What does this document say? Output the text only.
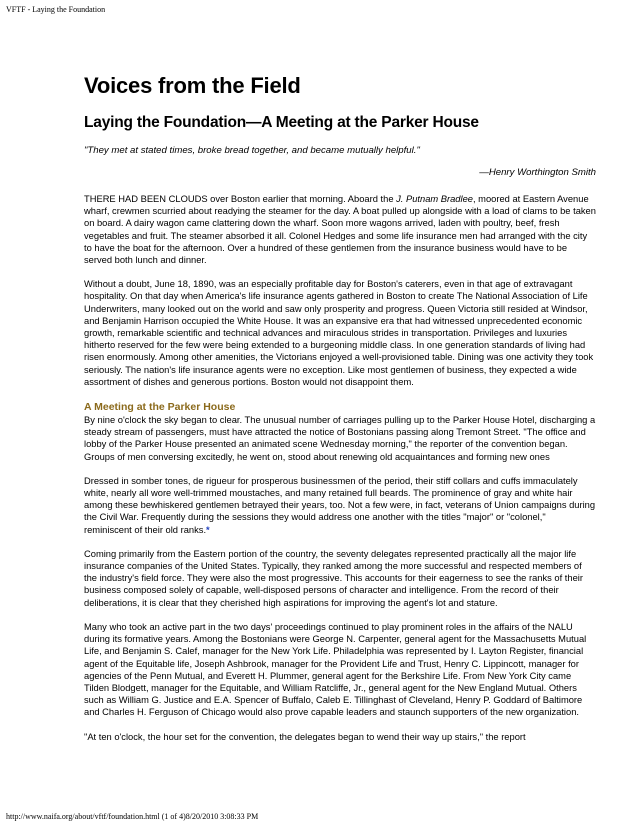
VFTF - Laying the Foundation
Voices from the Field
Laying the Foundation—A Meeting at the Parker House
"They met at stated times, broke bread together, and became mutually helpful."
—Henry Worthington Smith

THERE HAD BEEN CLOUDS over Boston earlier that morning. Aboard the J. Putnam Bradlee, moored at Eastern Avenue wharf, crewmen scurried about readying the steamer for the day. A boat pulled up alongside with a load of clams to be taken on board. A dairy wagon came clattering down the wharf. Soon more wagons arrived, laden with poultry, beef, fresh vegetables and fruit. The steamer absorbed it all. Colonel Hedges and some life insurance men had arranged with the city to have the boat for the afternoon. Over a hundred of these gentlemen from the insurance business would have to be served both lunch and dinner.

Without a doubt, June 18, 1890, was an especially profitable day for Boston's caterers, even in that age of extravagant hospitality. On that day when America's life insurance agents gathered in Boston to create The National Association of Life Underwriters, many looked out on the world and saw only prosperity and progress. Queen Victoria still resided at Windsor, and Benjamin Harrison occupied the White House. It was an expansive era that had witnessed unprecedented economic growth, remarkable scientific and technical advances and miraculous strides in transportation. Privileges and luxuries hitherto reserved for the few were being extended to a burgeoning middle class. In one generation standards of living had risen enormously. Among other amenities, the Victorians enjoyed a well-provisioned table. Dining was one activity they took seriously. The nation's life insurance agents were no exception. Like most gentlemen of business, they expected a wide assortment of dishes and generous portions. Boston would not disappoint them.

A Meeting at the Parker House

By nine o'clock the sky began to clear. The unusual number of carriages pulling up to the Parker House Hotel, discharging a steady stream of passengers, must have attracted the notice of Bostonians passing along Tremont Street. "The office and lobby of the Parker House presented an animated scene Wednesday morning," the reporter of the convention began. Groups of men conversing excitedly, he went on, stood about renewing old acquaintances and forming new ones

Dressed in somber tones, de rigueur for prosperous businessmen of the period, their stiff collars and cuffs immaculately white, nearly all wore well-trimmed moustaches, and many retained full beards. The prominence of gray and white hair among these bewhiskered gentlemen betrayed their years, too. Not a few were, in fact, veterans of Union campaigns during the Civil War. Frequently during the sessions they would address one another with the titles "major" or "colonel," reminiscent of their old ranks.*

Coming primarily from the Eastern portion of the country, the seventy delegates represented practically all the major life insurance companies of the United States. Typically, they ranked among the more successful and respected members of the industry's field force. They were also the most progressive. This accounts for their eagerness to see the ranks of their business composed solely of capable, well-disposed persons of character and intelligence. From the record of their deliberations, it is clear that they cherished high aspirations for improving the agent's lot and stature.

Many who took an active part in the two days' proceedings continued to play prominent roles in the affairs of the NALU during its formative years. Among the Bostonians were George N. Carpenter, general agent for the Massachusetts Mutual Life, and Benjamin S. Calef, manager for the New York Life. Philadelphia was represented by I. Layton Register, financial agent of the Equitable life, Joseph Ashbrook, manager for the Provident Life and Trust, Henry C. Lippincott, manager for agencies of the Penn Mutual, and Everett H. Plummer, general agent for the Berkshire Life. From New York City came Tilden Blodgett, manager for the Equitable, and William Ratcliffe, Jr., general agent for the New England Mutual. Others such as William G. Justice and E.A. Spencer of Buffalo, Caleb E. Tillinghast of Cleveland, Henry P. Goddard of Baltimore and Charles H. Ferguson of Chicago would also prove capable leaders and staunch supporters of the new organization.

"At ten o'clock, the hour set for the convention, the delegates began to wend their way up stairs," the report

http://www.naifa.org/about/vftf/foundation.html (1 of 4)8/20/2010 3:08:33 PM
